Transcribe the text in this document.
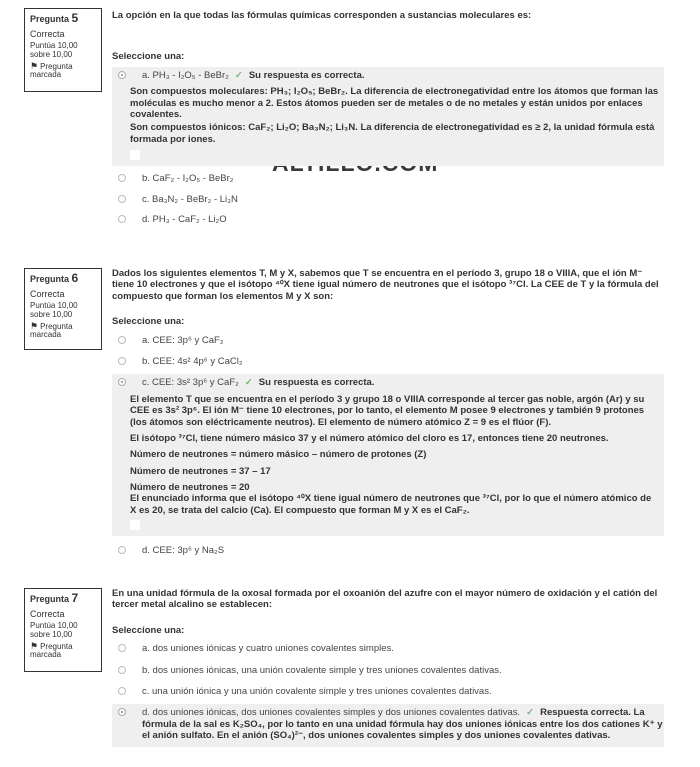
Pregunta 5
Correcta
Puntúa 10,00 sobre 10,00
⚑ Pregunta marcada
La opción en la que todas las fórmulas químicas corresponden a sustancias moleculares es:
Seleccione una:
a. PH₃ - I₂O₅ - BeBr₂ ✓ Su respuesta es correcta.

Son compuestos moleculares: PH₃; I₂O₅; BeBr₂. La diferencia de electronegatividad entre los átomos que forman las moléculas es mucho menor a 2. Estos átomos pueden ser de metales o de no metales y están unidos por enlaces covalentes.

Son compuestos iónicos: CaF₂; Li₂O; Ba₃N₂; Li₃N. La diferencia de electronegatividad es ≥ 2, la unidad fórmula está formada por iones.

b. CaF₂ - I₂O₅ - BeBr₂
c. Ba₃N₂ - BeBr₂ - Li₃N
d. PH₃ - CaF₂ - Li₂O
Pregunta 6
Correcta
Puntúa 10,00 sobre 10,00
⚑ Pregunta marcada
Dados los siguientes elementos T, M y X, sabemos que T se encuentra en el período 3, grupo 18 o VIIIA, que el ión M⁻ tiene 10 electrones y que el isótopo ⁴⁰X tiene igual número de neutrones que el isótopo ³⁷Cl. La CEE de T y la fórmula del compuesto que forman los elementos M y X son:
Seleccione una:
a. CEE: 3p⁶ y CaF₂
b. CEE: 4s² 4p⁶ y CaCl₂
c. CEE: 3s² 3p⁶ y CaF₂ ✓ Su respuesta es correcta.

El elemento T que se encuentra en el período 3 y grupo 18 o VIIIA corresponde al tercer gas noble, argón (Ar) y su CEE es 3s² 3p⁶. El ión M⁻ tiene 10 electrones, por lo tanto, el elemento M posee 9 electrones y también 9 protones (los átomos son eléctricamente neutros). El elemento de número atómico Z = 9 es el flúor (F).

El isótopo ³⁷Cl, tiene número másico 37 y el número atómico del cloro es 17, entonces tiene 20 neutrones.

Número de neutrones = número másico – número de protones (Z)

Número de neutrones = 37 – 17

Número de neutrones = 20
El enunciado informa que el isótopo ⁴⁰X tiene igual número de neutrones que ³⁷Cl, por lo que el número atómico de X es 20, se trata del calcio (Ca). El compuesto que forman M y X es el CaF₂.

d. CEE: 3p⁶ y Na₂S
Pregunta 7
Correcta
Puntúa 10,00 sobre 10,00
⚑ Pregunta marcada
En una unidad fórmula de la oxosal formada por el oxoanión del azufre con el mayor número de oxidación y el catión del tercer metal alcalino se establecen:
Seleccione una:
a. dos uniones iónicas y cuatro uniones covalentes simples.
b. dos uniones iónicas, una unión covalente simple y tres uniones covalentes dativas.
c. una unión iónica y una unión covalente simple y tres uniones covalentes dativas.
d. dos uniones iónicas, dos uniones covalentes simples y dos uniones covalentes dativas. ✓ Respuesta correcta. La fórmula de la sal es K₂SO₄, por lo tanto en una unidad fórmula hay dos uniones iónicas entre los dos cationes K⁺ y el anión sulfato. En el anión (SO₄)²⁻, dos uniones covalentes simples y dos uniones covalentes dativas.
